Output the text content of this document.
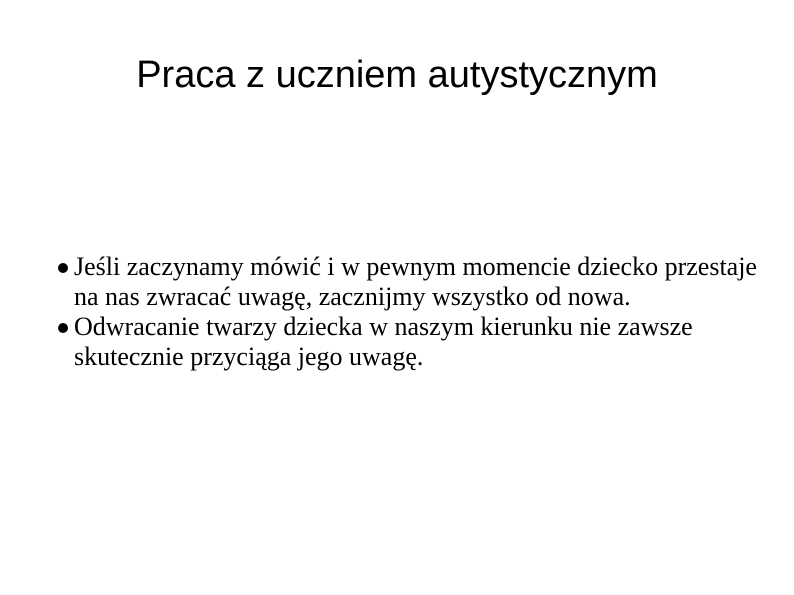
Praca z uczniem autystycznym
Jeśli zaczynamy mówić i w pewnym momencie dziecko przestaje na nas zwracać uwagę, zacznijmy wszystko od nowa.
Odwracanie twarzy dziecka w naszym kierunku nie zawsze skutecznie przyciąga jego uwagę.
